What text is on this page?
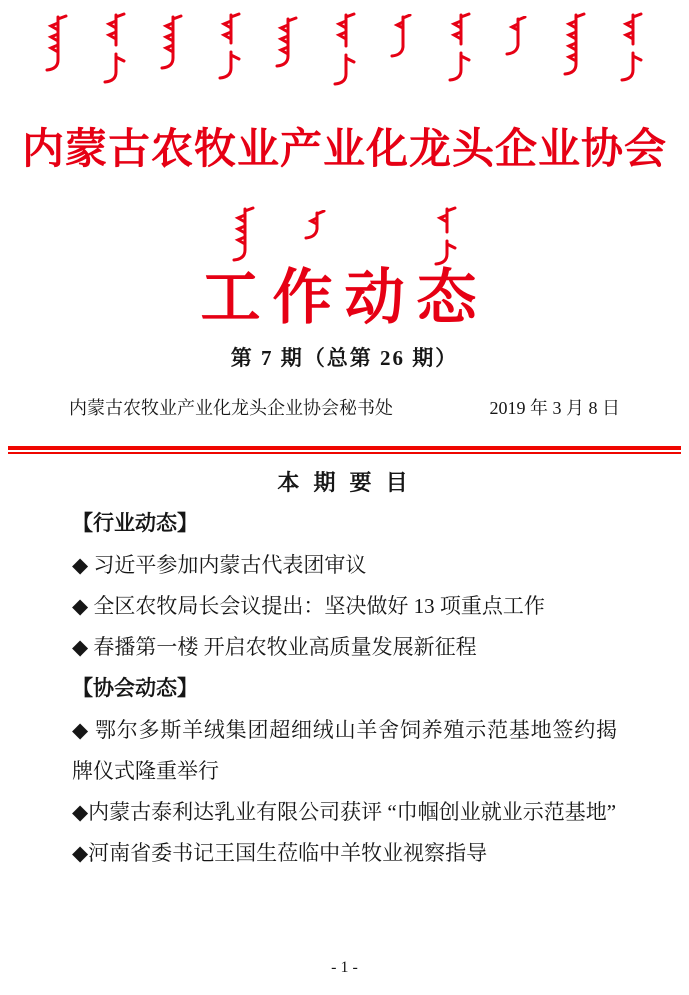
内蒙古农牧业产业化龙头企业协会
工作动态
第 7 期（总第 26 期）
内蒙古农牧业产业化龙头企业协会秘书处	2019 年 3 月 8 日
本 期 要 目

【行业动态】

◆ 习近平参加内蒙古代表团审议

◆ 全区农牧局长会议提出：坚决做好 13 项重点工作

◆ 春播第一楼 开启农牧业高质量发展新征程

【协会动态】

◆ 鄂尔多斯羊绒集团超细绒山羊舍饲养殖示范基地签约揭牌仪式隆重举行

◆内蒙古泰利达乳业有限公司获评 “巾帼创业就业示范基地”

◆河南省委书记王国生莅临中羊牧业视察指导

- 1 -
